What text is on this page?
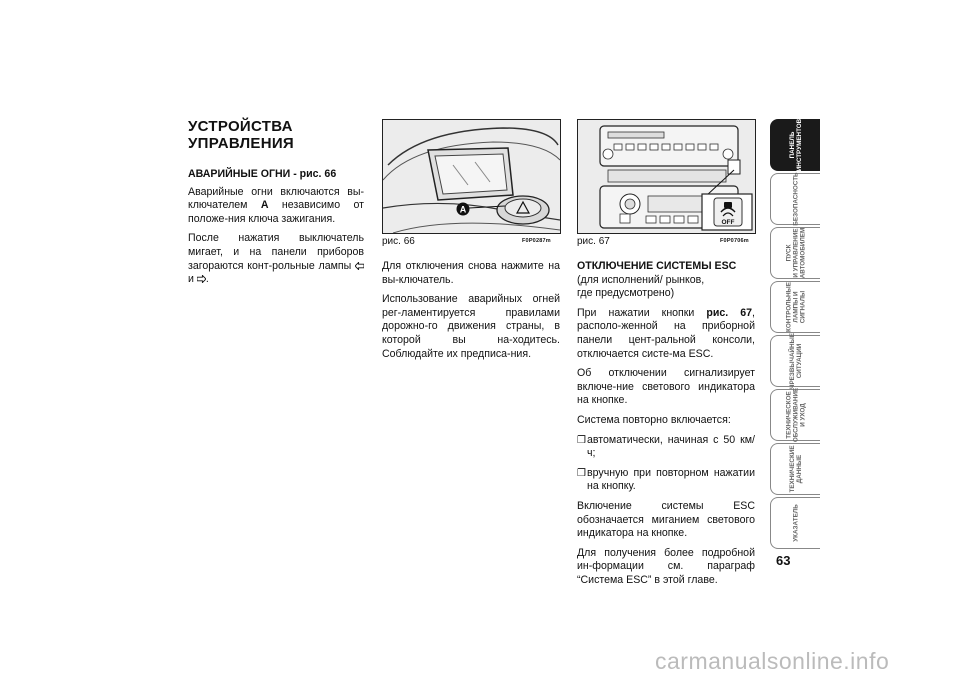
УСТРОЙСТВА
УПРАВЛЕНИЯ
АВАРИЙНЫЕ ОГНИ - рис. 66

Аварийные огни включаются вы-ключателем A независимо от положе-ния ключа зажигания.

После нажатия выключатель мигает, и на панели приборов загораются конт-рольные лампы  и .

A
рис. 66	F0P0287m
OFF
рис. 67	F0P0706m

Для отключения снова нажмите на вы-ключатель.

Использование аварийных огней рег-ламентируется правилами дорожно-го движения страны, в которой вы на-ходитесь. Соблюдайте их предписа-ния.

ОТКЛЮЧЕНИЕ СИСТЕМЫ ESC
(для исполнений/ рынков,
где предусмотрено)

При нажатии кнопки рис. 67, располо-женной на приборной панели цент-ральной консоли, отключается систе-ма ESC.

Об отключении сигнализирует включе-ние светового индикатора на кнопке.

Система повторно включается:

❒ автоматически, начиная с 50 км/ч;
❒ вручную при повторном нажатии на кнопку.

Включение системы ESC обозначается миганием светового индикатора на кнопке.

Для получения более подробной ин-формации см. параграф “Система ESC” в этой главе.

ПАНЕЛЬ
ИНСТРУМЕНТОВ
БЕЗОПАСНОСТЬ
ПУСК
И УПРАВЛЕНИЕ
АВТОМОБИЛЕМ
КОНТРОЛЬНЫЕ
ЛАМПЫ И
СИГНАЛЫ
ЧРЕЗВЫЧАЙНЫЕ
СИТУАЦИИ
ТЕХНИЧЕСКОЕ
ОБСЛУЖИВАНИЕ
И УХОД
ТЕХНИЧЕСКИЕ
ДАННЫЕ
УКАЗАТЕЛЬ
63
carmanualsonline.info
